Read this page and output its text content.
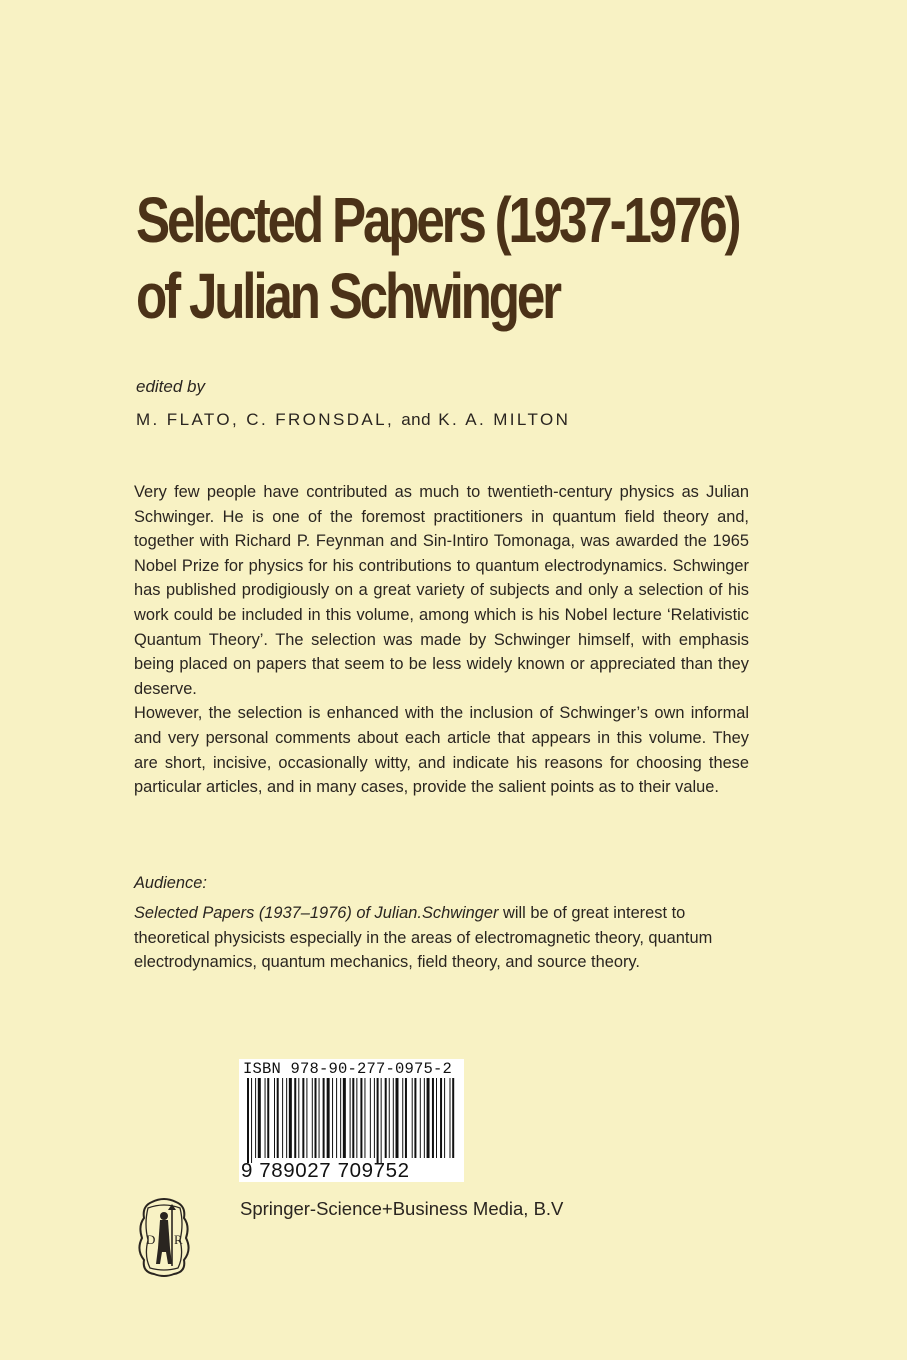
Selected Papers (1937-1976)
of Julian Schwinger
edited by
M. FLATO, C. FRONSDAL, and K. A. MILTON

Very few people have contributed as much to twentieth-century physics as Julian Schwinger. He is one of the foremost practitioners in quantum field theory and, together with Richard P. Feynman and Sin-Intiro Tomonaga, was awarded the 1965 Nobel Prize for physics for his contributions to quantum electrodynamics. Schwinger has published prodigiously on a great variety of subjects and only a selection of his work could be included in this volume, among which is his Nobel lecture ‘Relativistic Quantum Theory’. The selection was made by Schwinger himself, with emphasis being placed on papers that seem to be less widely known or appreciated than they deserve.

However, the selection is enhanced with the inclusion of Schwinger’s own informal and very personal comments about each article that appears in this volume. They are short, incisive, occasionally witty, and indicate his reasons for choosing these particular articles, and in many cases, provide the salient points as to their value.

Audience:
Selected Papers (1937–1976) of Julian.Schwinger will be of great interest to theoretical physicists especially in the areas of electromagnetic theory, quantum electrodynamics, quantum mechanics, field theory, and source theory.
ISBN 978-90-277-0975-2
9 789027 709752
D R
Springer-Science+Business Media, B.V
